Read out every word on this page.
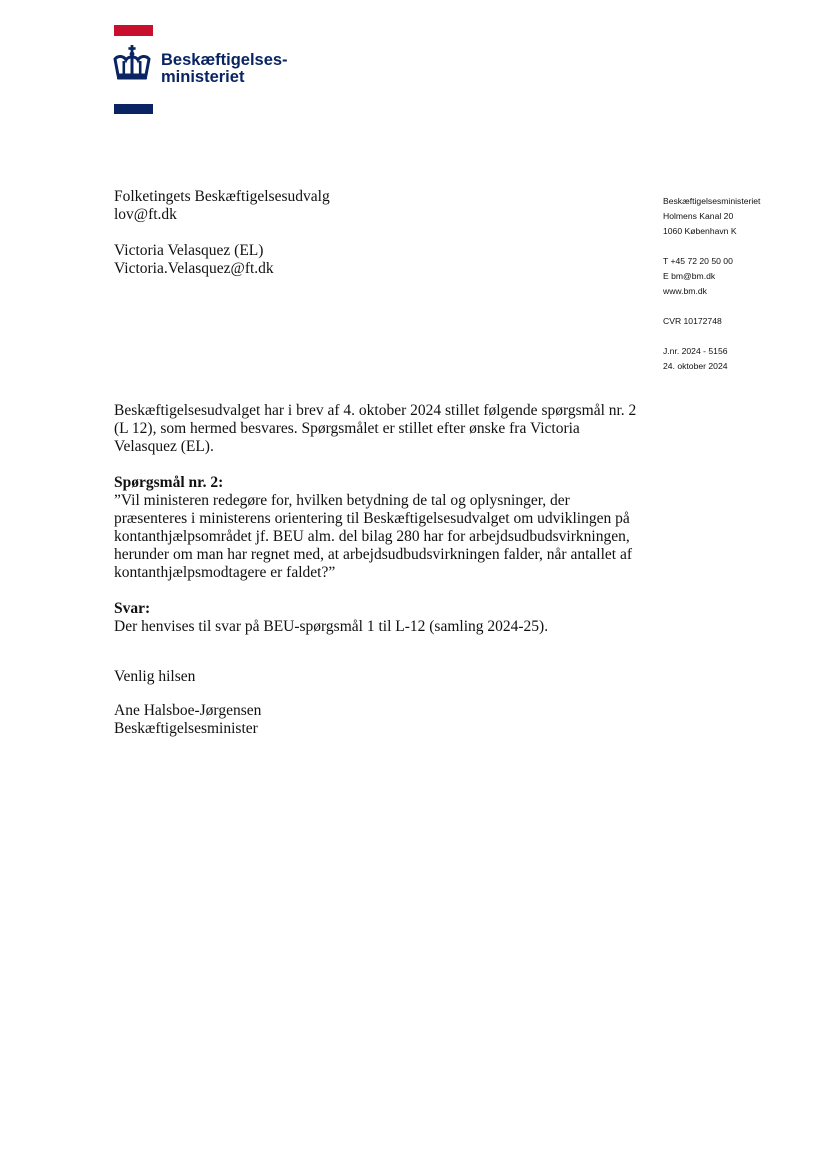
Beskæftigelses-
ministeriet
Folketingets Beskæftigelsesudvalg
lov@ft.dk
Victoria Velasquez (EL)
Victoria.Velasquez@ft.dk
Beskæftigelsesministeriet
Holmens Kanal 20
1060 København K
T +45 72 20 50 00
E bm@bm.dk
www.bm.dk
CVR 10172748
J.nr. 2024 - 5156
24. oktober 2024

Beskæftigelsesudvalget har i brev af 4. oktober 2024 stillet følgende spørgsmål nr. 2 (L 12), som hermed besvares. Spørgsmålet er stillet efter ønske fra Victoria Velasquez (EL).

Spørgsmål nr. 2:

”Vil ministeren redegøre for, hvilken betydning de tal og oplysninger, der præsenteres i ministerens orientering til Beskæftigelsesudvalget om udviklingen på kontanthjælpsområdet jf. BEU alm. del bilag 280 har for arbejdsudbudsvirkningen, herunder om man har regnet med, at arbejdsudbudsvirkningen falder, når antallet af kontanthjælpsmodtagere er faldet?”

Svar:

Der henvises til svar på BEU-spørgsmål 1 til L-12 (samling 2024-25).

Venlig hilsen
Ane Halsboe-Jørgensen
Beskæftigelsesminister
